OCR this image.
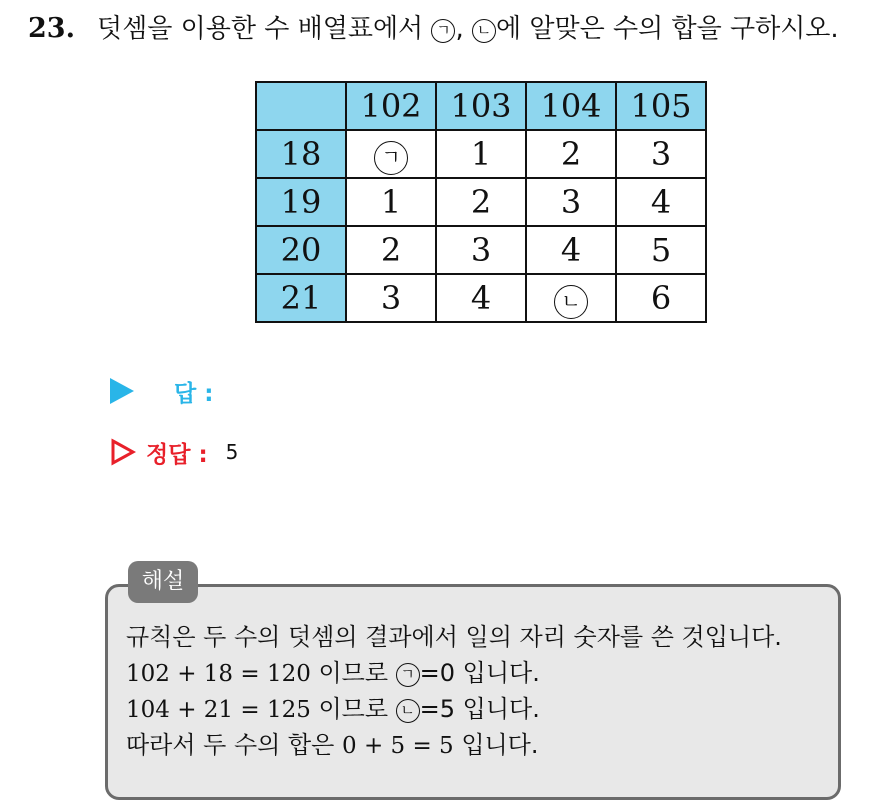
23. 덧셈을 이용한 수 배열표에서 ㄱ , ㄴ 에 알맞은 수의 합을 구하시오.
	102	103	104	105
18	ㄱ	1	2	3
19	1	2	3	4
20	2	3	4	5
21	3	4	ㄴ	6
답 :
정답 : 5
해설
규칙은 두 수의 덧셈의 결과에서 일의 자리 숫자를 쓴 것입니다.
102 + 18 = 120 이므로 ㄱ =0 입니다.
104 + 21 = 125 이므로 ㄴ =5 입니다.
따라서 두 수의 합은 0 + 5 = 5 입니다.
